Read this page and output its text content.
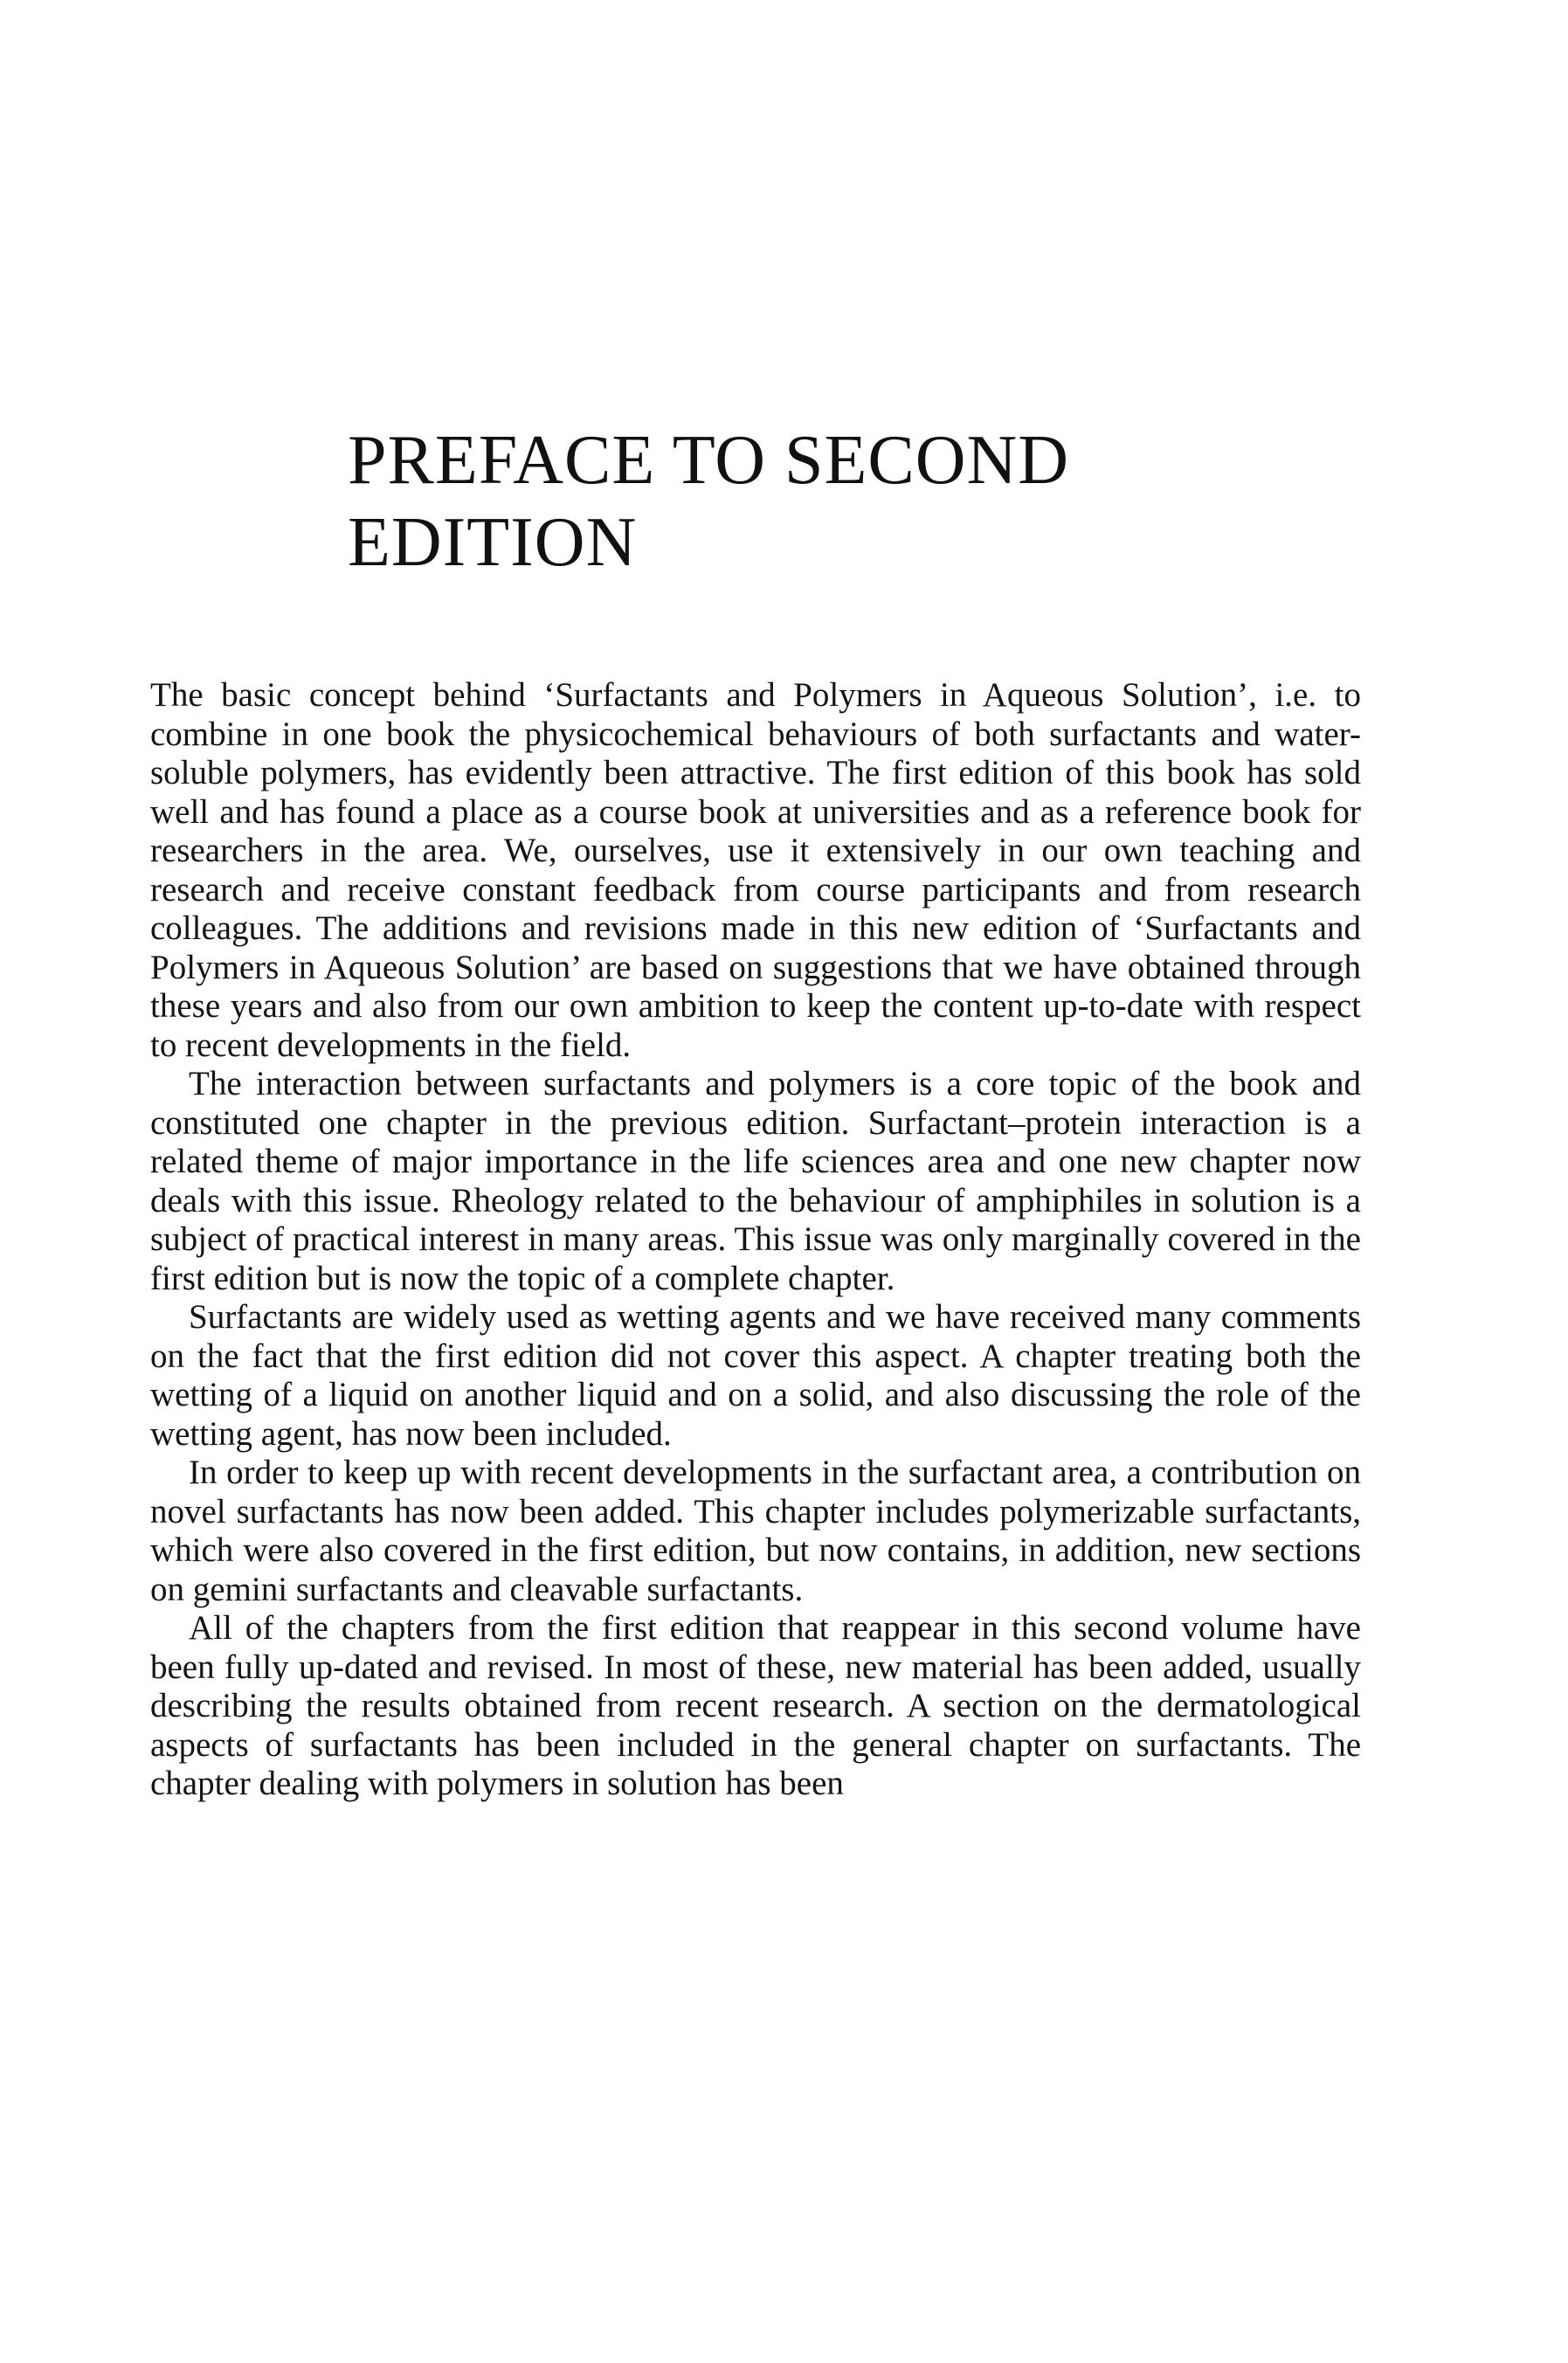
PREFACE TO SECOND
EDITION

The basic concept behind ‘Surfactants and Polymers in Aqueous Solution’, i.e. to combine in one book the physicochemical behaviours of both surfactants and water-soluble polymers, has evidently been attractive. The first edition of this book has sold well and has found a place as a course book at universities and as a reference book for researchers in the area. We, ourselves, use it extensively in our own teaching and research and receive constant feedback from course participants and from research colleagues. The additions and revisions made in this new edition of ‘Surfactants and Polymers in Aqueous Solution’ are based on suggestions that we have obtained through these years and also from our own ambition to keep the content up-to-date with respect to recent developments in the field.

The interaction between surfactants and polymers is a core topic of the book and constituted one chapter in the previous edition. Surfactant–protein interaction is a related theme of major importance in the life sciences area and one new chapter now deals with this issue. Rheology related to the behaviour of amphiphiles in solution is a subject of practical interest in many areas. This issue was only marginally covered in the first edition but is now the topic of a complete chapter.

Surfactants are widely used as wetting agents and we have received many comments on the fact that the first edition did not cover this aspect. A chapter treating both the wetting of a liquid on another liquid and on a solid, and also discussing the role of the wetting agent, has now been included.

In order to keep up with recent developments in the surfactant area, a contribution on novel surfactants has now been added. This chapter includes polymerizable surfactants, which were also covered in the first edition, but now contains, in addition, new sections on gemini surfactants and cleavable surfactants.

All of the chapters from the first edition that reappear in this second volume have been fully up-dated and revised. In most of these, new material has been added, usually describing the results obtained from recent research. A section on the dermatological aspects of surfactants has been included in the general chapter on surfactants. The chapter dealing with polymers in solution has been
